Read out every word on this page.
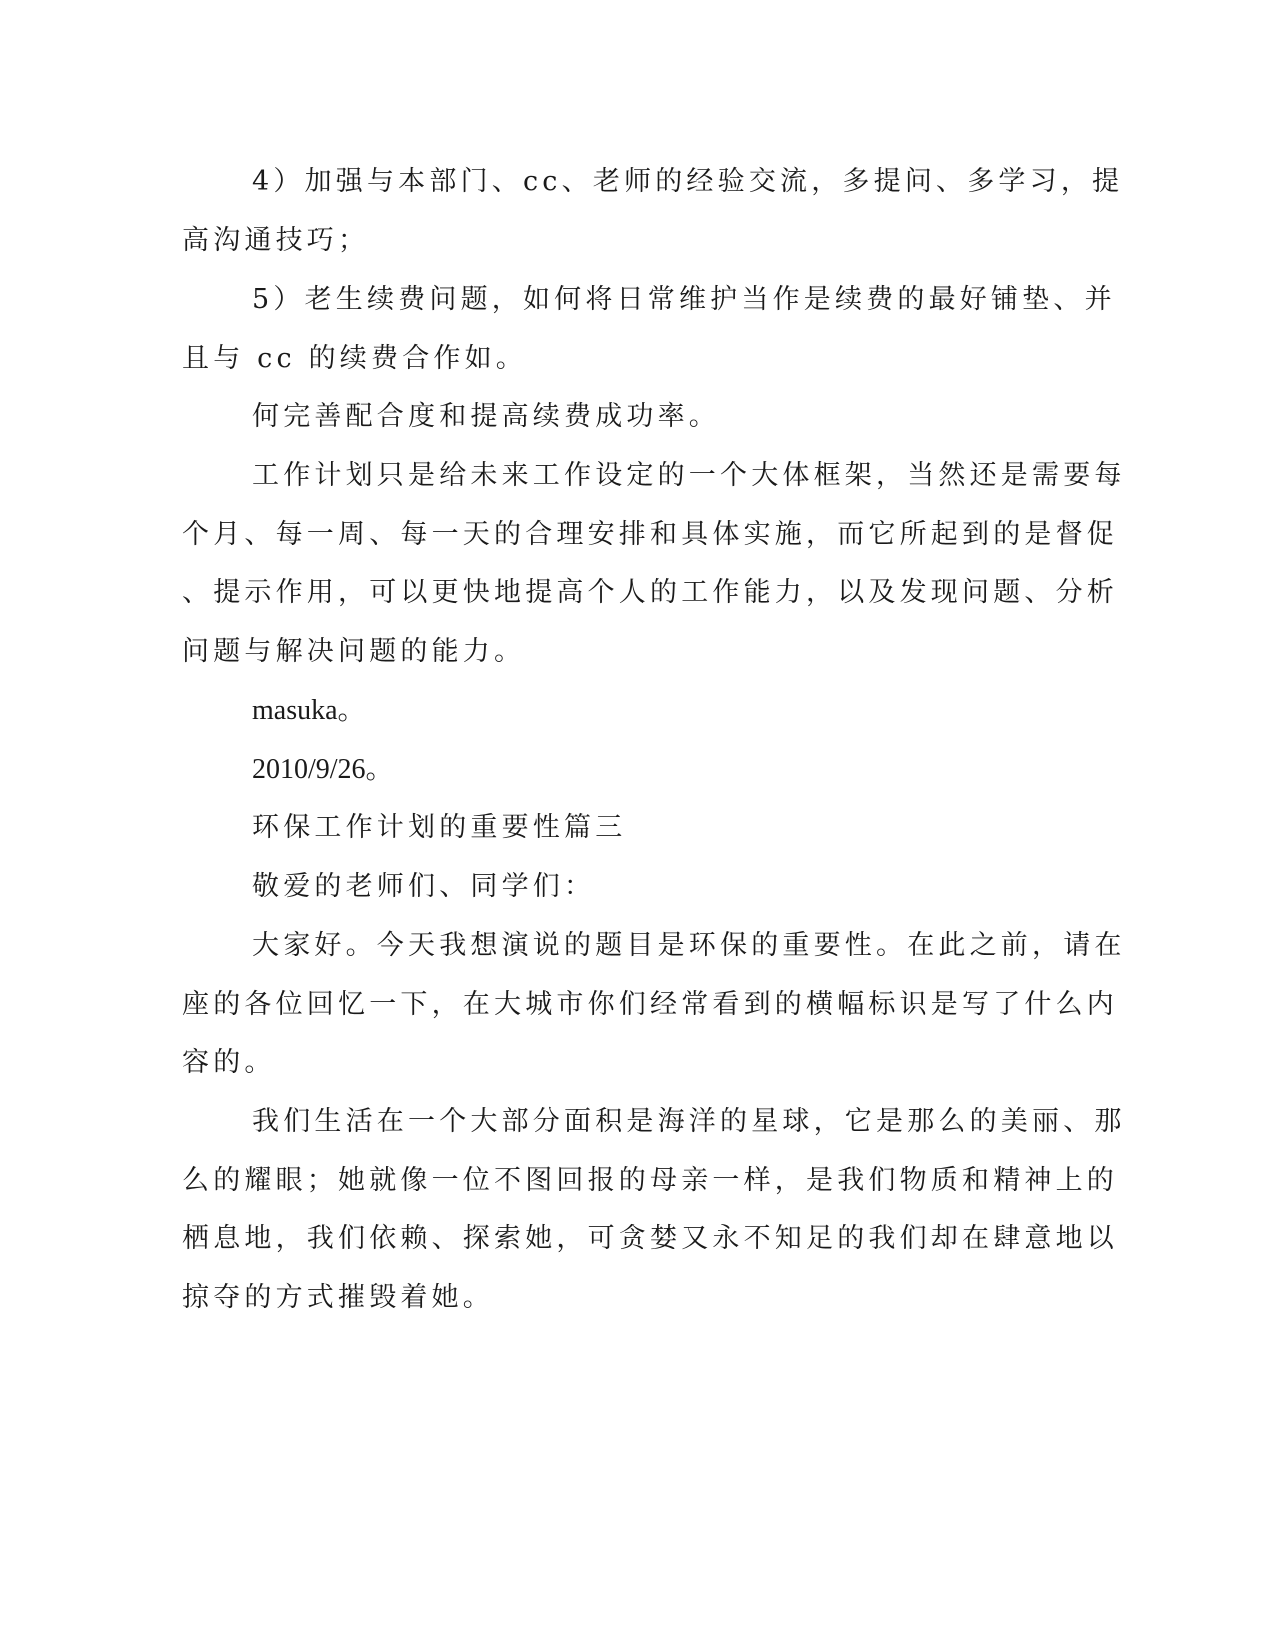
4）加强与本部门、cc、老师的经验交流，多提问、多学习，提
高沟通技巧；
5）老生续费问题，如何将日常维护当作是续费的最好铺垫、并
且与 cc 的续费合作如。
何完善配合度和提高续费成功率。
工作计划只是给未来工作设定的一个大体框架，当然还是需要每
个月、每一周、每一天的合理安排和具体实施，而它所起到的是督促
、提示作用，可以更快地提高个人的工作能力，以及发现问题、分析
问题与解决问题的能力。
masuka。
2010/9/26。
环保工作计划的重要性篇三
敬爱的老师们、同学们：
大家好。今天我想演说的题目是环保的重要性。在此之前，请在
座的各位回忆一下，在大城市你们经常看到的横幅标识是写了什么内
容的。
我们生活在一个大部分面积是海洋的星球，它是那么的美丽、那
么的耀眼；她就像一位不图回报的母亲一样，是我们物质和精神上的
栖息地，我们依赖、探索她，可贪婪又永不知足的我们却在肆意地以
掠夺的方式摧毁着她。
